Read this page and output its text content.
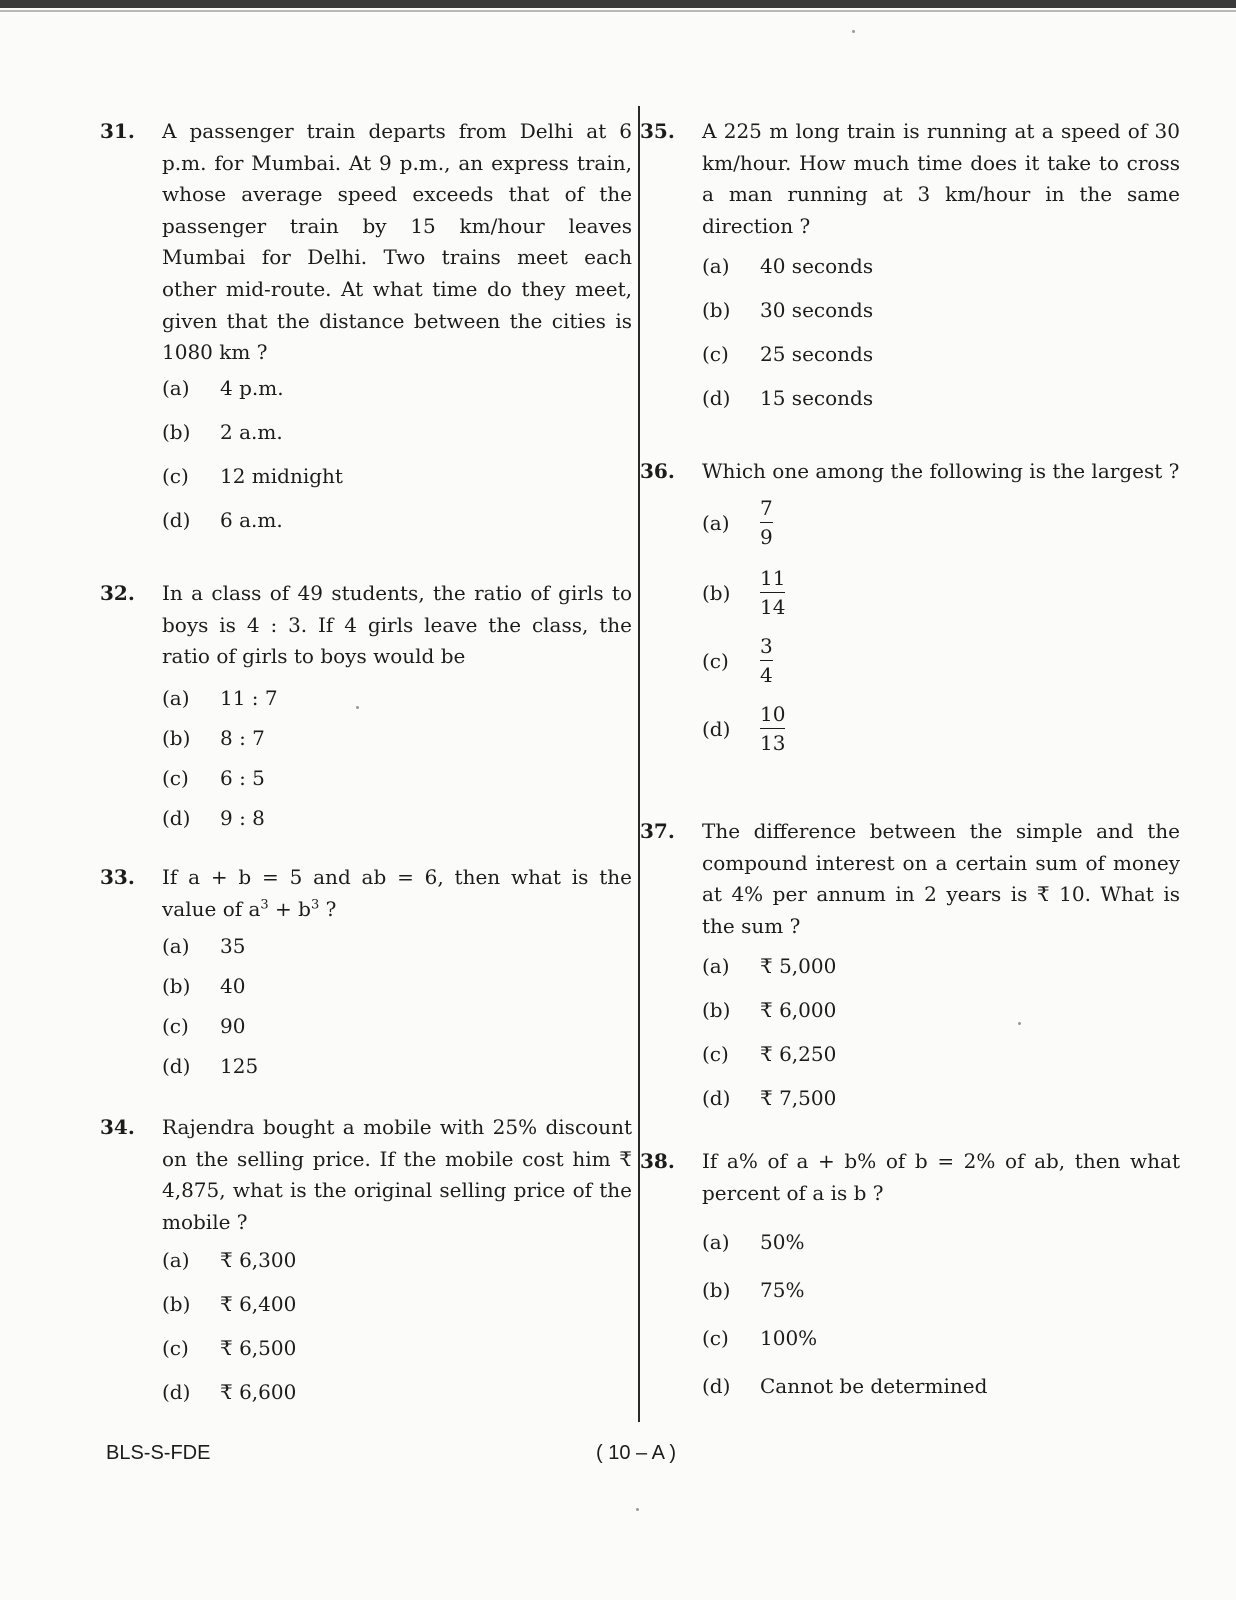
31. A passenger train departs from Delhi at 6 p.m. for Mumbai. At 9 p.m., an express train, whose average speed exceeds that of the passenger train by 15 km/hour leaves Mumbai for Delhi. Two trains meet each other mid-route. At what time do they meet, given that the distance between the cities is 1080 km ?
(a) 4 p.m.
(b) 2 a.m.
(c) 12 midnight
(d) 6 a.m.
32. In a class of 49 students, the ratio of girls to boys is 4 : 3. If 4 girls leave the class, the ratio of girls to boys would be
(a) 11 : 7
(b) 8 : 7
(c) 6 : 5
(d) 9 : 8
33. If a + b = 5 and ab = 6, then what is the value of $a^3 + b^3$ ?
(a) 35
(b) 40
(c) 90
(d) 125
34. Rajendra bought a mobile with 25% discount on the selling price. If the mobile cost him ₹ 4,875, what is the original selling price of the mobile ?
(a) ₹ 6,300
(b) ₹ 6,400
(c) ₹ 6,500
(d) ₹ 6,600
35. A 225 m long train is running at a speed of 30 km/hour. How much time does it take to cross a man running at 3 km/hour in the same direction ?
(a) 40 seconds
(b) 30 seconds
(c) 25 seconds
(d) 15 seconds
36. Which one among the following is the largest ?
$(a) \frac{7}{9}$
$(b) \frac{11}{14}$
$(c) \frac{3}{4}$
$(d) \frac{10}{13}$
37. The difference between the simple and the compound interest on a certain sum of money at 4% per annum in 2 years is ₹ 10. What is the sum ?
(a) ₹ 5,000
(b) ₹ 6,000
(c) ₹ 6,250
(d) ₹ 7,500
38. If a% of a + b% of b = 2% of ab, then what percent of a is b ?
(a) 50%
(b) 75%
(c) 100%
(d) Cannot be determined
BLS-S-FDE	( 10 – A )
